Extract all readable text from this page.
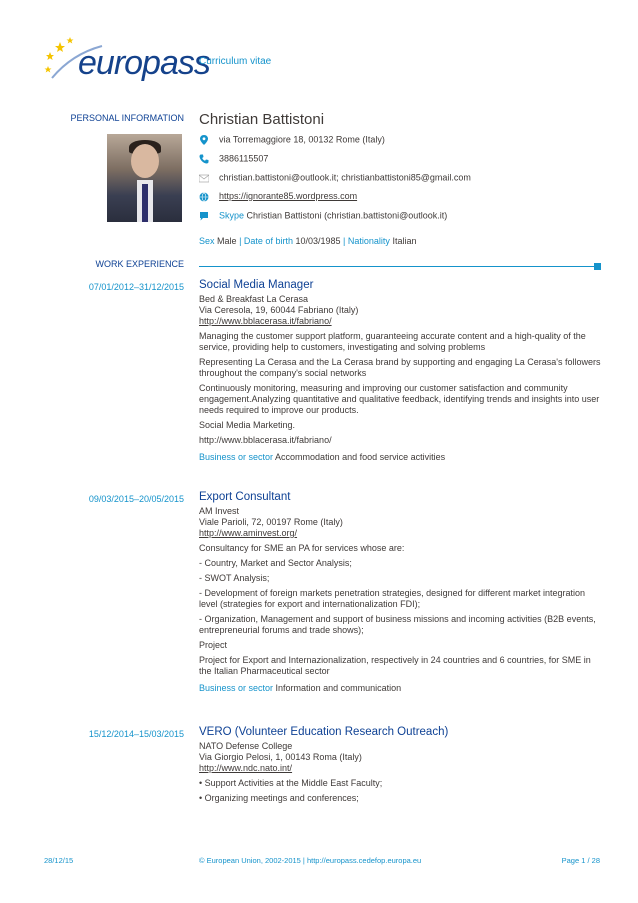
europass
Curriculum vitae
PERSONAL INFORMATION Christian Battistoni
via Torremaggiore 18, 00132 Rome (Italy)
3886115507
christian.battistoni@outlook.it; christianbattistoni85@gmail.com
https://ignorante85.wordpress.com
Skype Christian Battistoni (christian.battistoni@outlook.it)
Sex Male | Date of birth 10/03/1985 | Nationality Italian
WORK EXPERIENCE
07/01/2012–31/12/2015 Social Media Manager
Bed & Breakfast La Cerasa
Via Ceresola, 19, 60044 Fabriano (Italy)

http://www.bblacerasa.it/fabriano/

Managing the customer support platform, guaranteeing accurate content and a high-quality of the service, providing help to customers, investigating and solving problems

Representing La Cerasa and the La Cerasa brand by supporting and engaging La Cerasa's followers throughout the company's social networks

Continuously monitoring, measuring and improving our customer satisfaction and community engagement.Analyzing quantitative and qualitative feedback, identifying trends and insights into user needs required to improve our products.

Social Media Marketing.

http://www.bblacerasa.it/fabriano/

Business or sector Accommodation and food service activities
09/03/2015–20/05/2015 Export Consultant
AM Invest
Viale Parioli, 72, 00197 Rome (Italy)

http://www.aminvest.org/

Consultancy for SME an PA for services whose are:

- Country, Market and Sector Analysis;

- SWOT Analysis;

- Development of foreign markets penetration strategies, designed for different market integration level (strategies for export and internationalization FDI);

- Organization, Management and support of business missions and incoming activities (B2B events, entrepreneurial forums and trade shows);

Project

Project for Export and Internazionalization, respectively in 24 countries and 6 countries, for SME in the Italian Pharmaceutical sector

Business or sector Information and communication
15/12/2014–15/03/2015 VERO (Volunteer Education Research Outreach)
NATO Defense College
Via Giorgio Pelosi, 1, 00143 Roma (Italy)

http://www.ndc.nato.int/

• Support Activities at the Middle East Faculty;

• Organizing meetings and conferences;

28/12/15	© European Union, 2002-2015 | http://europass.cedefop.europa.eu	Page 1 / 28
